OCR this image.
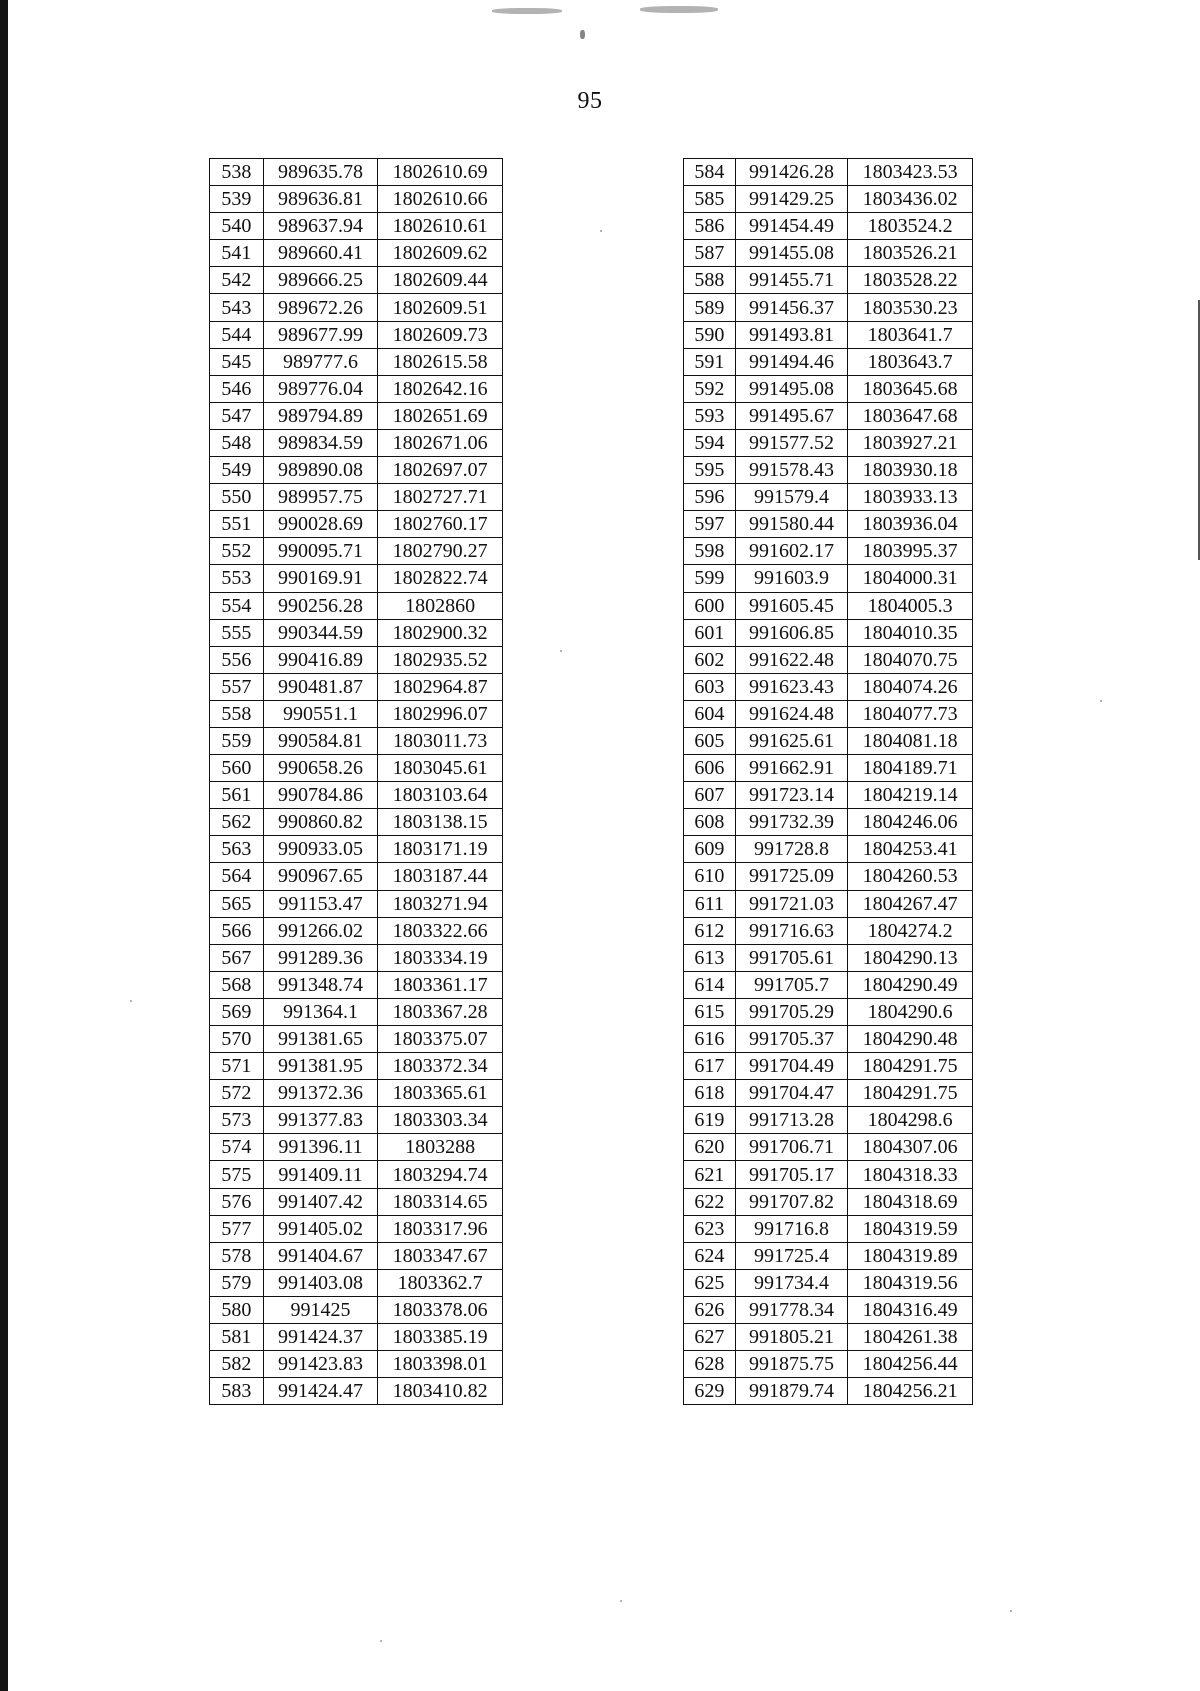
95
538	989635.78	1802610.69
539	989636.81	1802610.66
540	989637.94	1802610.61
541	989660.41	1802609.62
542	989666.25	1802609.44
543	989672.26	1802609.51
544	989677.99	1802609.73
545	989777.6	1802615.58
546	989776.04	1802642.16
547	989794.89	1802651.69
548	989834.59	1802671.06
549	989890.08	1802697.07
550	989957.75	1802727.71
551	990028.69	1802760.17
552	990095.71	1802790.27
553	990169.91	1802822.74
554	990256.28	1802860
555	990344.59	1802900.32
556	990416.89	1802935.52
557	990481.87	1802964.87
558	990551.1	1802996.07
559	990584.81	1803011.73
560	990658.26	1803045.61
561	990784.86	1803103.64
562	990860.82	1803138.15
563	990933.05	1803171.19
564	990967.65	1803187.44
565	991153.47	1803271.94
566	991266.02	1803322.66
567	991289.36	1803334.19
568	991348.74	1803361.17
569	991364.1	1803367.28
570	991381.65	1803375.07
571	991381.95	1803372.34
572	991372.36	1803365.61
573	991377.83	1803303.34
574	991396.11	1803288
575	991409.11	1803294.74
576	991407.42	1803314.65
577	991405.02	1803317.96
578	991404.67	1803347.67
579	991403.08	1803362.7
580	991425	1803378.06
581	991424.37	1803385.19
582	991423.83	1803398.01
583	991424.47	1803410.82
584	991426.28	1803423.53
585	991429.25	1803436.02
586	991454.49	1803524.2
587	991455.08	1803526.21
588	991455.71	1803528.22
589	991456.37	1803530.23
590	991493.81	1803641.7
591	991494.46	1803643.7
592	991495.08	1803645.68
593	991495.67	1803647.68
594	991577.52	1803927.21
595	991578.43	1803930.18
596	991579.4	1803933.13
597	991580.44	1803936.04
598	991602.17	1803995.37
599	991603.9	1804000.31
600	991605.45	1804005.3
601	991606.85	1804010.35
602	991622.48	1804070.75
603	991623.43	1804074.26
604	991624.48	1804077.73
605	991625.61	1804081.18
606	991662.91	1804189.71
607	991723.14	1804219.14
608	991732.39	1804246.06
609	991728.8	1804253.41
610	991725.09	1804260.53
611	991721.03	1804267.47
612	991716.63	1804274.2
613	991705.61	1804290.13
614	991705.7	1804290.49
615	991705.29	1804290.6
616	991705.37	1804290.48
617	991704.49	1804291.75
618	991704.47	1804291.75
619	991713.28	1804298.6
620	991706.71	1804307.06
621	991705.17	1804318.33
622	991707.82	1804318.69
623	991716.8	1804319.59
624	991725.4	1804319.89
625	991734.4	1804319.56
626	991778.34	1804316.49
627	991805.21	1804261.38
628	991875.75	1804256.44
629	991879.74	1804256.21
